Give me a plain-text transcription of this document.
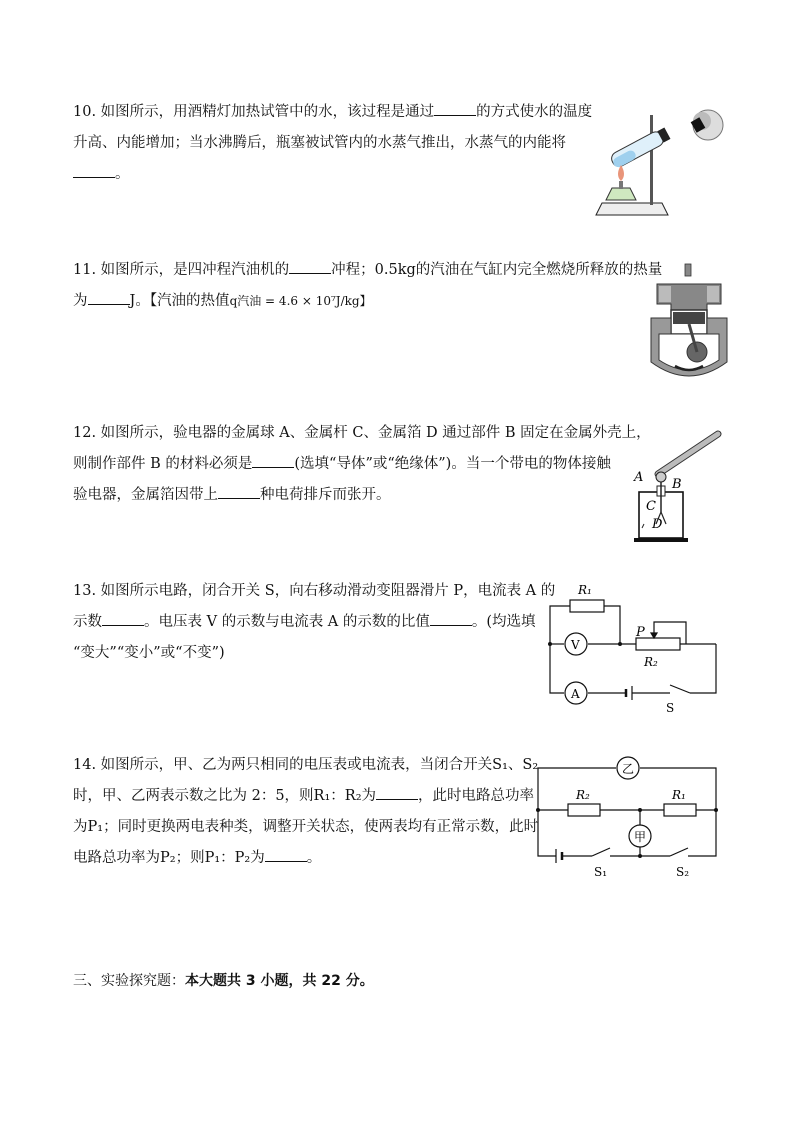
10. 如图所示，用酒精灯加热试管中的水，该过程是通过	的方式使水的温度
升高、内能增加；当水沸腾后，瓶塞被试管内的水蒸气推出，水蒸气的内能将
。
11. 如图所示，是四冲程汽油机的	冲程；0.5kg的汽油在气缸内完全燃烧所释放的热量
为	J。【汽油的热值q汽油 = 4.6 × 10⁷J/kg】
12. 如图所示，验电器的金属球 A、金属杆 C、金属箔 D 通过部件 B 固定在金属外壳上，
则制作部件 B 的材料必须是	(选填“导体”或“绝缘体”)。当一个带电的物体接触
验电器，金属箔因带上	种电荷排斥而张开。
A B
C
D
13. 如图所示电路，闭合开关 S，向右移动滑动变阻器滑片 P，电流表 A 的
示数	。电压表 V 的示数与电流表 A 的示数的比值	。(均选填
“变大”“变小”或“不变”)
R₁
P
R₂
V
A
S
14. 如图所示，甲、乙为两只相同的电压表或电流表，当闭合开关S₁、S₂
时，甲、乙两表示数之比为 2：5，则R₁：R₂为	，此时电路总功率
为P₁；同时更换两电表种类，调整开关状态，使两表均有正常示数，此时
电路总功率为P₂；则P₁：P₂为	。
乙
甲
R₂	R₁
S₁	S₂
三、实验探究题：本大题共 3 小题，共 22 分。
